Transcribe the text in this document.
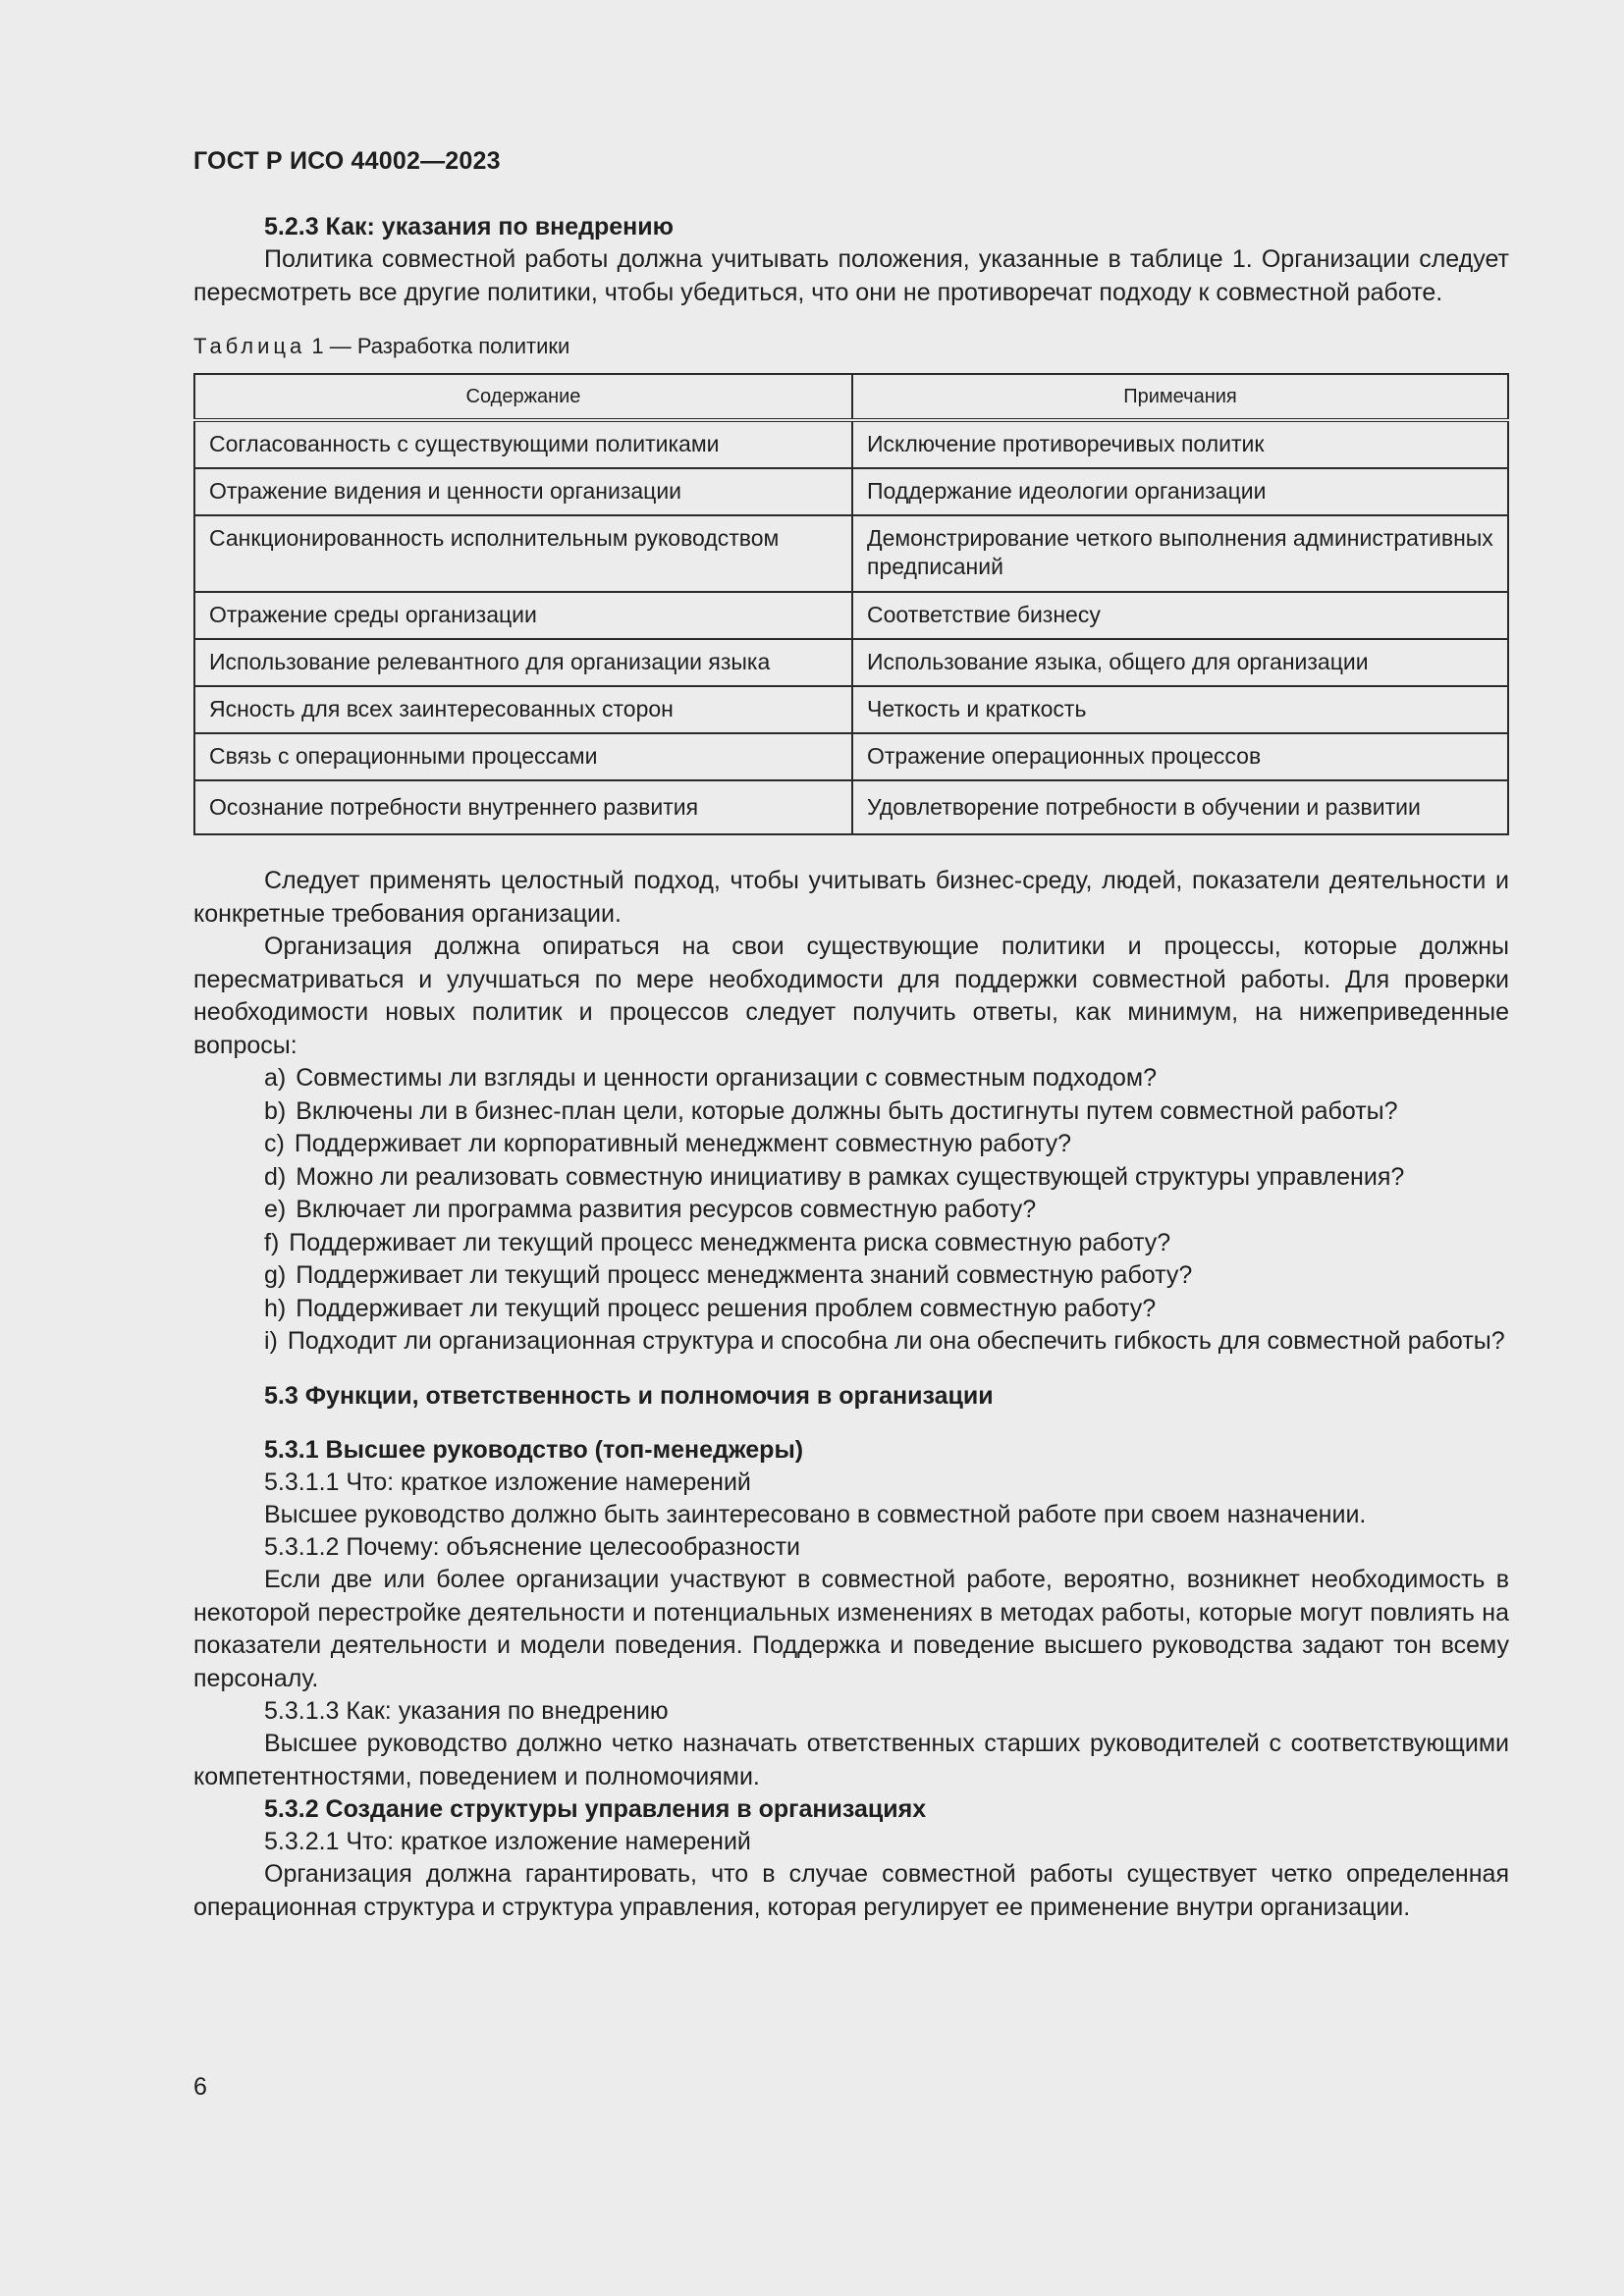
ГОСТ Р ИСО 44002—2023

5.2.3 Как: указания по внедрению

Политика совместной работы должна учитывать положения, указанные в таблице 1. Организации следует пересмотреть все другие политики, чтобы убедиться, что они не противоречат подходу к совместной работе.

Таблица 1 — Разработка политики
Содержание	Примечания
Согласованность с существующими политиками	Исключение противоречивых политик
Отражение видения и ценности организации	Поддержание идеологии организации
Санкционированность исполнительным руководством	Демонстрирование четкого выполнения административных предписаний
Отражение среды организации	Соответствие бизнесу
Использование релевантного для организации языка	Использование языка, общего для организации
Ясность для всех заинтересованных сторон	Четкость и краткость
Связь с операционными процессами	Отражение операционных процессов
Осознание потребности внутреннего развития	Удовлетворение потребности в обучении и развитии

Следует применять целостный подход, чтобы учитывать бизнес-среду, людей, показатели деятельности и конкретные требования организации.

Организация должна опираться на свои существующие политики и процессы, которые должны пересматриваться и улучшаться по мере необходимости для поддержки совместной работы. Для проверки необходимости новых политик и процессов следует получить ответы, как минимум, на нижеприведенные вопросы:

a) Совместимы ли взгляды и ценности организации с совместным подходом?

b) Включены ли в бизнес-план цели, которые должны быть достигнуты путем совместной работы?

c) Поддерживает ли корпоративный менеджмент совместную работу?

d) Можно ли реализовать совместную инициативу в рамках существующей структуры управления?

e) Включает ли программа развития ресурсов совместную работу?

f) Поддерживает ли текущий процесс менеджмента риска совместную работу?

g) Поддерживает ли текущий процесс менеджмента знаний совместную работу?

h) Поддерживает ли текущий процесс решения проблем совместную работу?

i) Подходит ли организационная структура и способна ли она обеспечить гибкость для совместной работы?

5.3 Функции, ответственность и полномочия в организации

5.3.1 Высшее руководство (топ-менеджеры)

5.3.1.1 Что: краткое изложение намерений

Высшее руководство должно быть заинтересовано в совместной работе при своем назначении.

5.3.1.2 Почему: объяснение целесообразности

Если две или более организации участвуют в совместной работе, вероятно, возникнет необходимость в некоторой перестройке деятельности и потенциальных изменениях в методах работы, которые могут повлиять на показатели деятельности и модели поведения. Поддержка и поведение высшего руководства задают тон всему персоналу.

5.3.1.3 Как: указания по внедрению

Высшее руководство должно четко назначать ответственных старших руководителей с соответствующими компетентностями, поведением и полномочиями.

5.3.2 Создание структуры управления в организациях

5.3.2.1 Что: краткое изложение намерений

Организация должна гарантировать, что в случае совместной работы существует четко определенная операционная структура и структура управления, которая регулирует ее применение внутри организации.

6
